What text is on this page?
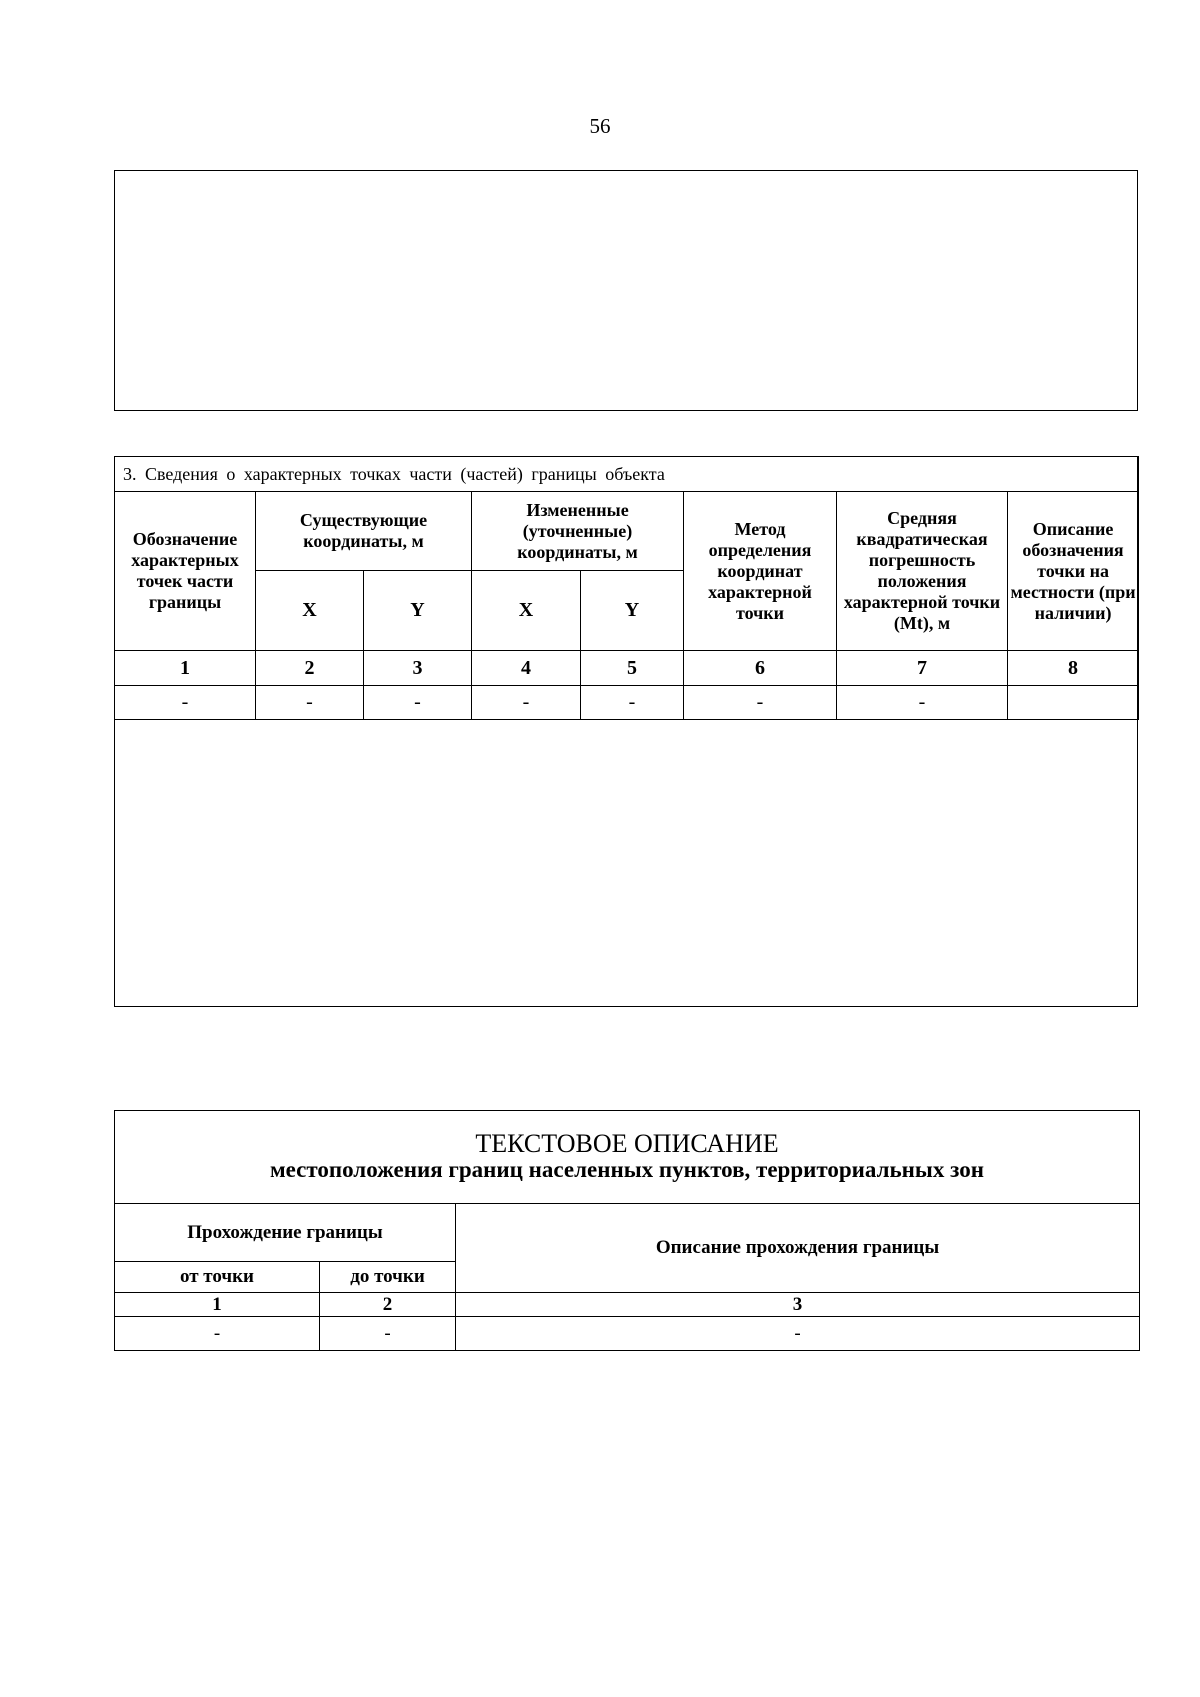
56
3. Сведения о характерных точках части (частей) границы объекта							
Обозначение характерных точек части границы	Существующие координаты, м		Измененные (уточненные) координаты, м		Метод определения координат характерной точки	Средняя квадратическая погрешность положения характерной точки (Mt), м	Описание обозначения точки на местности (при наличии)
	X	Y	X	Y			
1	2	3	4	5	6	7	8
-	-	-	-	-	-	-	
ТЕКСТОВОЕ ОПИСАНИЕ
местоположения границ населенных пунктов, территориальных зон		

Прохождение границы		Описание прохождения границы
от точки	до точки	
1	2	3
-	-	-
